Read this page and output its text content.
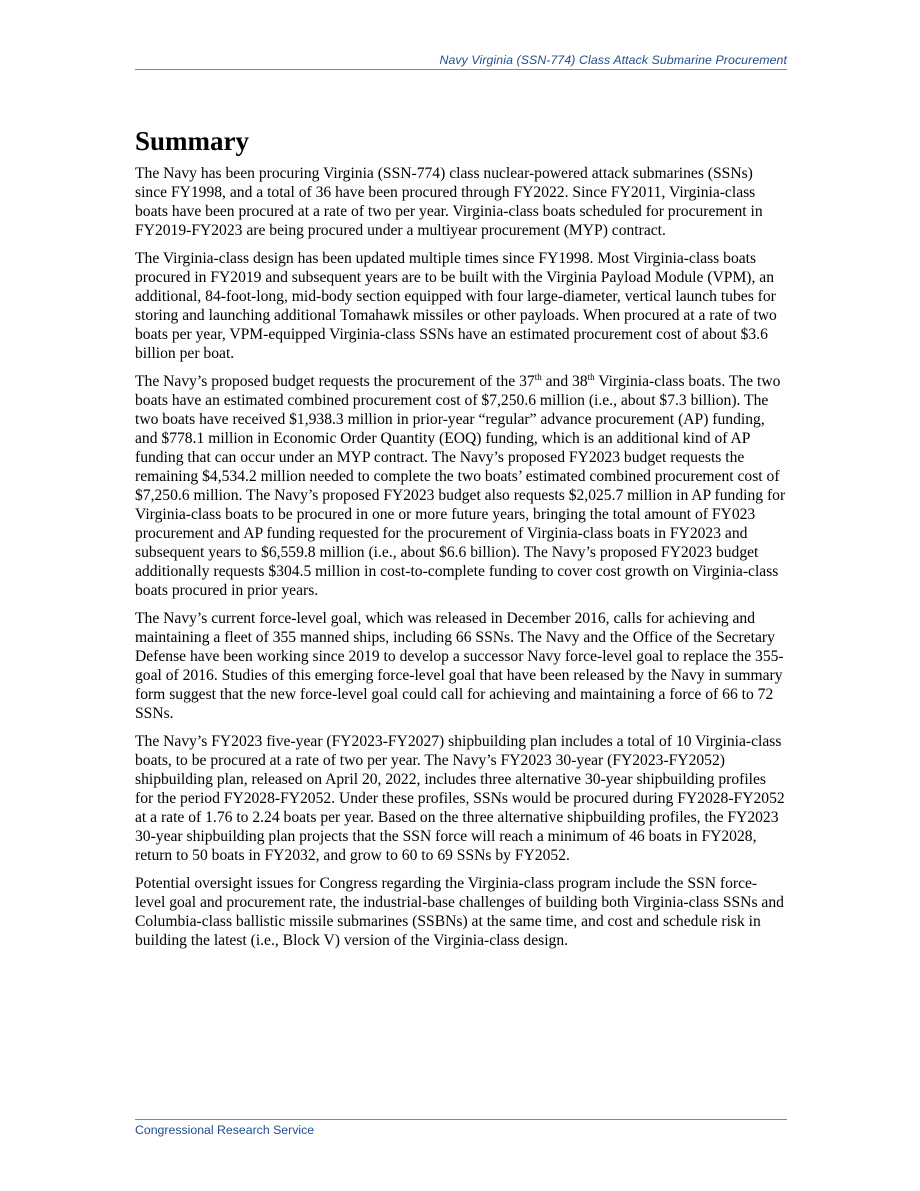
Navy Virginia (SSN-774) Class Attack Submarine Procurement
Summary

The Navy has been procuring Virginia (SSN-774) class nuclear-powered attack submarines (SSNs) since FY1998, and a total of 36 have been procured through FY2022. Since FY2011, Virginia-class boats have been procured at a rate of two per year. Virginia-class boats scheduled for procurement in FY2019-FY2023 are being procured under a multiyear procurement (MYP) contract.

The Virginia-class design has been updated multiple times since FY1998. Most Virginia-class boats procured in FY2019 and subsequent years are to be built with the Virginia Payload Module (VPM), an additional, 84-foot-long, mid-body section equipped with four large-diameter, vertical launch tubes for storing and launching additional Tomahawk missiles or other payloads. When procured at a rate of two boats per year, VPM-equipped Virginia-class SSNs have an estimated procurement cost of about $3.6 billion per boat.

The Navy’s proposed budget requests the procurement of the 37th and 38th Virginia-class boats. The two boats have an estimated combined procurement cost of $7,250.6 million (i.e., about $7.3 billion). The two boats have received $1,938.3 million in prior-year “regular” advance procurement (AP) funding, and $778.1 million in Economic Order Quantity (EOQ) funding, which is an additional kind of AP funding that can occur under an MYP contract. The Navy’s proposed FY2023 budget requests the remaining $4,534.2 million needed to complete the two boats’ estimated combined procurement cost of $7,250.6 million. The Navy’s proposed FY2023 budget also requests $2,025.7 million in AP funding for Virginia-class boats to be procured in one or more future years, bringing the total amount of FY023 procurement and AP funding requested for the procurement of Virginia-class boats in FY2023 and subsequent years to $6,559.8 million (i.e., about $6.6 billion). The Navy’s proposed FY2023 budget additionally requests $304.5 million in cost-to-complete funding to cover cost growth on Virginia-class boats procured in prior years.

The Navy’s current force-level goal, which was released in December 2016, calls for achieving and maintaining a fleet of 355 manned ships, including 66 SSNs. The Navy and the Office of the Secretary Defense have been working since 2019 to develop a successor Navy force-level goal to replace the 355-goal of 2016. Studies of this emerging force-level goal that have been released by the Navy in summary form suggest that the new force-level goal could call for achieving and maintaining a force of 66 to 72 SSNs.

The Navy’s FY2023 five-year (FY2023-FY2027) shipbuilding plan includes a total of 10 Virginia-class boats, to be procured at a rate of two per year. The Navy’s FY2023 30-year (FY2023-FY2052) shipbuilding plan, released on April 20, 2022, includes three alternative 30-year shipbuilding profiles for the period FY2028-FY2052. Under these profiles, SSNs would be procured during FY2028-FY2052 at a rate of 1.76 to 2.24 boats per year. Based on the three alternative shipbuilding profiles, the FY2023 30-year shipbuilding plan projects that the SSN force will reach a minimum of 46 boats in FY2028, return to 50 boats in FY2032, and grow to 60 to 69 SSNs by FY2052.

Potential oversight issues for Congress regarding the Virginia-class program include the SSN force-level goal and procurement rate, the industrial-base challenges of building both Virginia-class SSNs and Columbia-class ballistic missile submarines (SSBNs) at the same time, and cost and schedule risk in building the latest (i.e., Block V) version of the Virginia-class design.

Congressional Research Service
